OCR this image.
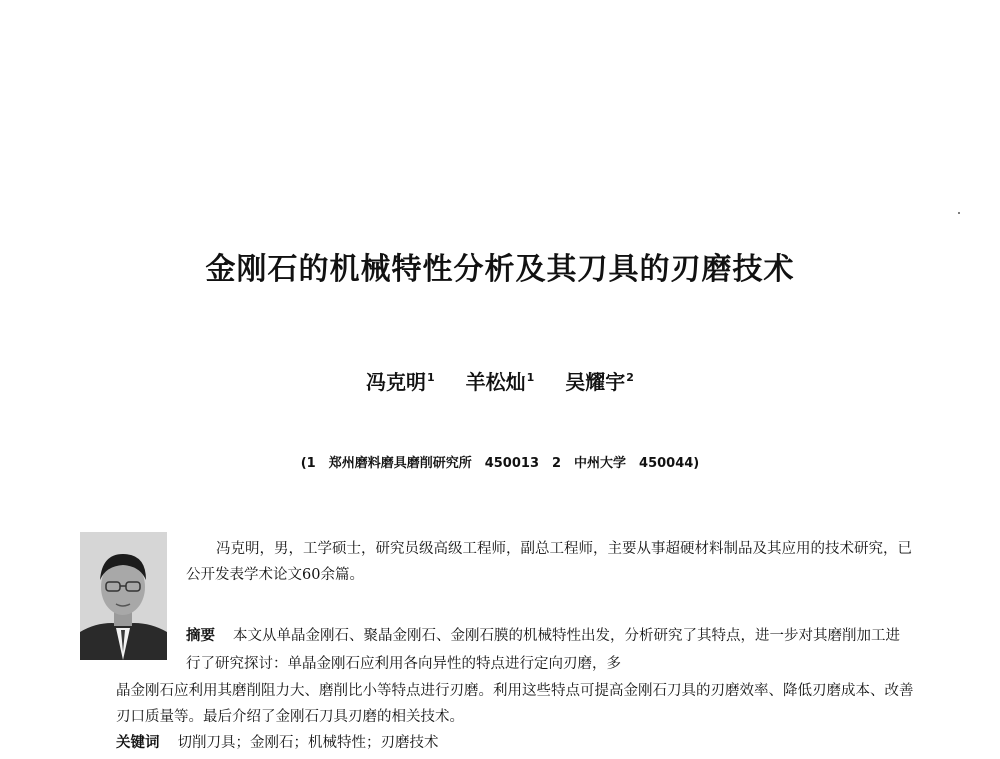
金刚石的机械特性分析及其刀具的刃磨技术
冯克明$^1$ 羊松灿$^1$ 吴耀宇$^2$
(1　郑州磨料磨具磨削研究所　450013　2　中州大学　450044)
冯克明，男，工学硕士，研究员级高级工程师，副总工程师，主要从事超硬材料制品及其应用的技术研究，已公开发表学术论文60余篇。
摘要 本文从单晶金刚石、聚晶金刚石、金刚石膜的机械特性出发，分析研究了其特点，进一步对其磨削加工进行了研究探讨：单晶金刚石应利用各向异性的特点进行定向刃磨，多
晶金刚石应利用其磨削阻力大、磨削比小等特点进行刃磨。利用这些特点可提高金刚石刀具的刃磨效率、降低刃磨成本、改善刃口质量等。最后介绍了金刚石刀具刃磨的相关技术。
关键词 切削刀具；金刚石；机械特性；刃磨技术
